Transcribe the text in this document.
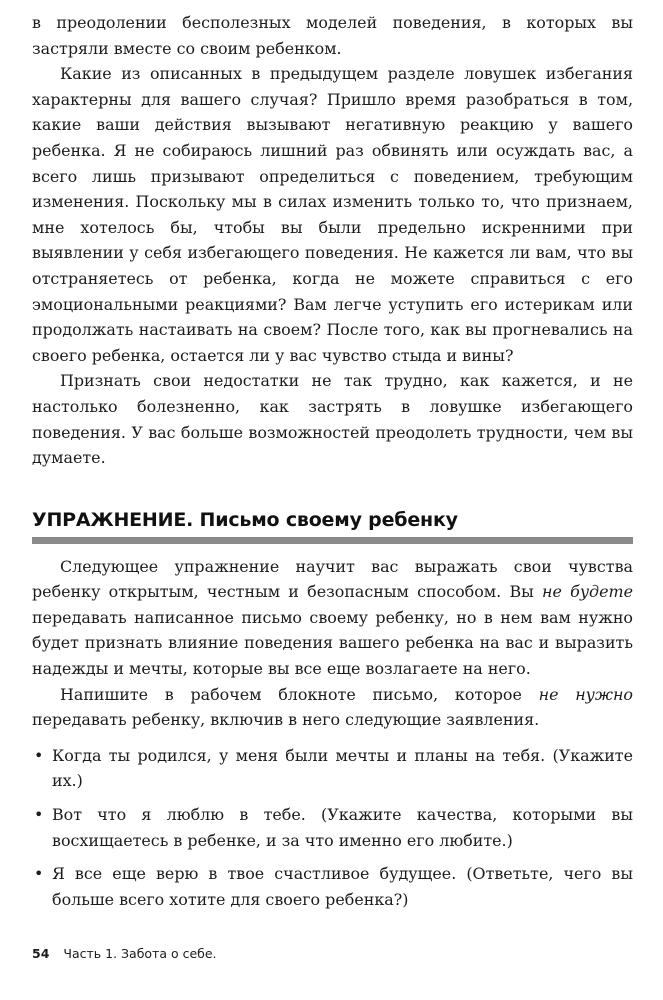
в преодолении бесполезных моделей поведения, в которых вы застряли вместе со своим ребенком.

Какие из описанных в предыдущем разделе ловушек избегания характерны для вашего случая? Пришло время разобраться в том, какие ваши действия вызывают негативную реакцию у вашего ребенка. Я не собираюсь лишний раз обвинять или осуждать вас, а всего лишь призывают определиться с поведением, требующим изменения. Поскольку мы в силах изменить только то, что признаем, мне хотелось бы, чтобы вы были предельно искренними при выявлении у себя избегающего поведения. Не кажется ли вам, что вы отстраняетесь от ребенка, когда не можете справиться с его эмоциональными реакциями? Вам легче уступить его истерикам или продолжать настаивать на своем? После того, как вы прогневались на своего ребенка, остается ли у вас чувство стыда и вины?

Признать свои недостатки не так трудно, как кажется, и не настолько болезненно, как застрять в ловушке избегающего поведения. У вас больше возможностей преодолеть трудности, чем вы думаете.

УПРАЖНЕНИЕ. Письмо своему ребенку

Следующее упражнение научит вас выражать свои чувства ребенку открытым, честным и безопасным способом. Вы не будете передавать написанное письмо своему ребенку, но в нем вам нужно будет признать влияние поведения вашего ребенка на вас и выразить надежды и мечты, которые вы все еще возлагаете на него.

Напишите в рабочем блокноте письмо, которое не нужно передавать ребенку, включив в него следующие заявления.

• Когда ты родился, у меня были мечты и планы на тебя. (Укажите их.)
• Вот что я люблю в тебе. (Укажите качества, которыми вы восхищаетесь в ребенке, и за что именно его любите.)
• Я все еще верю в твое счастливое будущее. (Ответьте, чего вы больше всего хотите для своего ребенка?)
54 Часть 1. Забота о себе.
